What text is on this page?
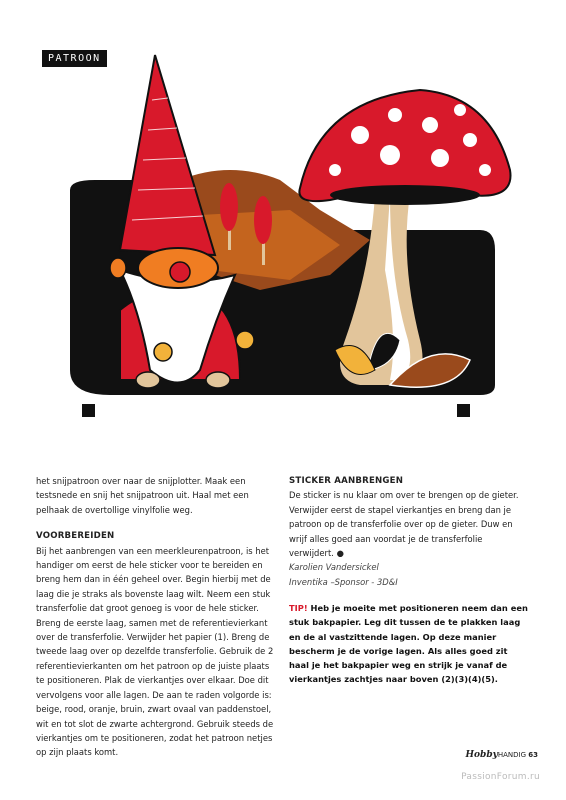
PATROON

het snijpatroon over naar de snijplotter. Maak een testsnede en snij het snijpatroon uit. Haal met een pelhaak de overtollige vinylfolie weg.

VOORBEREIDEN

Bij het aanbrengen van een meerkleurenpatroon, is het handiger om eerst de hele sticker voor te bereiden en breng hem dan in één geheel over. Begin hierbij met de laag die je straks als bovenste laag wilt. Neem een stuk transferfolie dat groot genoeg is voor de hele sticker. Breng de eerste laag, samen met de referentievierkant over de transferfolie. Verwijder het papier (1). Breng de tweede laag over op dezelfde transferfolie. Gebruik de 2 referentievierkanten om het patroon op de juiste plaats te positioneren. Plak de vierkantjes over elkaar. Doe dit vervolgens voor alle lagen. De aan te raden volgorde is: beige, rood, oranje, bruin, zwart ovaal van paddenstoel, wit en tot slot de zwarte achtergrond. Gebruik steeds de vierkantjes om te positioneren, zodat het patroon netjes op zijn plaats komt.

STICKER AANBRENGEN

De sticker is nu klaar om over te brengen op de gieter. Verwijder eerst de stapel vierkantjes en breng dan je patroon op de transferfolie over op de gieter. Duw en wrijf alles goed aan voordat je de transferfolie verwijdert. ●

Karolien Vandersickel

Inventika –Sponsor - 3D&I

TIP! Heb je moeite met positioneren neem dan een stuk bakpapier. Leg dit tussen de te plakken laag en de al vastzittende lagen. Op deze manier bescherm je de vorige lagen. Als alles goed zit haal je het bakpapier weg en strijk je vanaf de vierkantjes zachtjes naar boven (2)(3)(4)(5).

HobbyHANDIG 63
PassionForum.ru
